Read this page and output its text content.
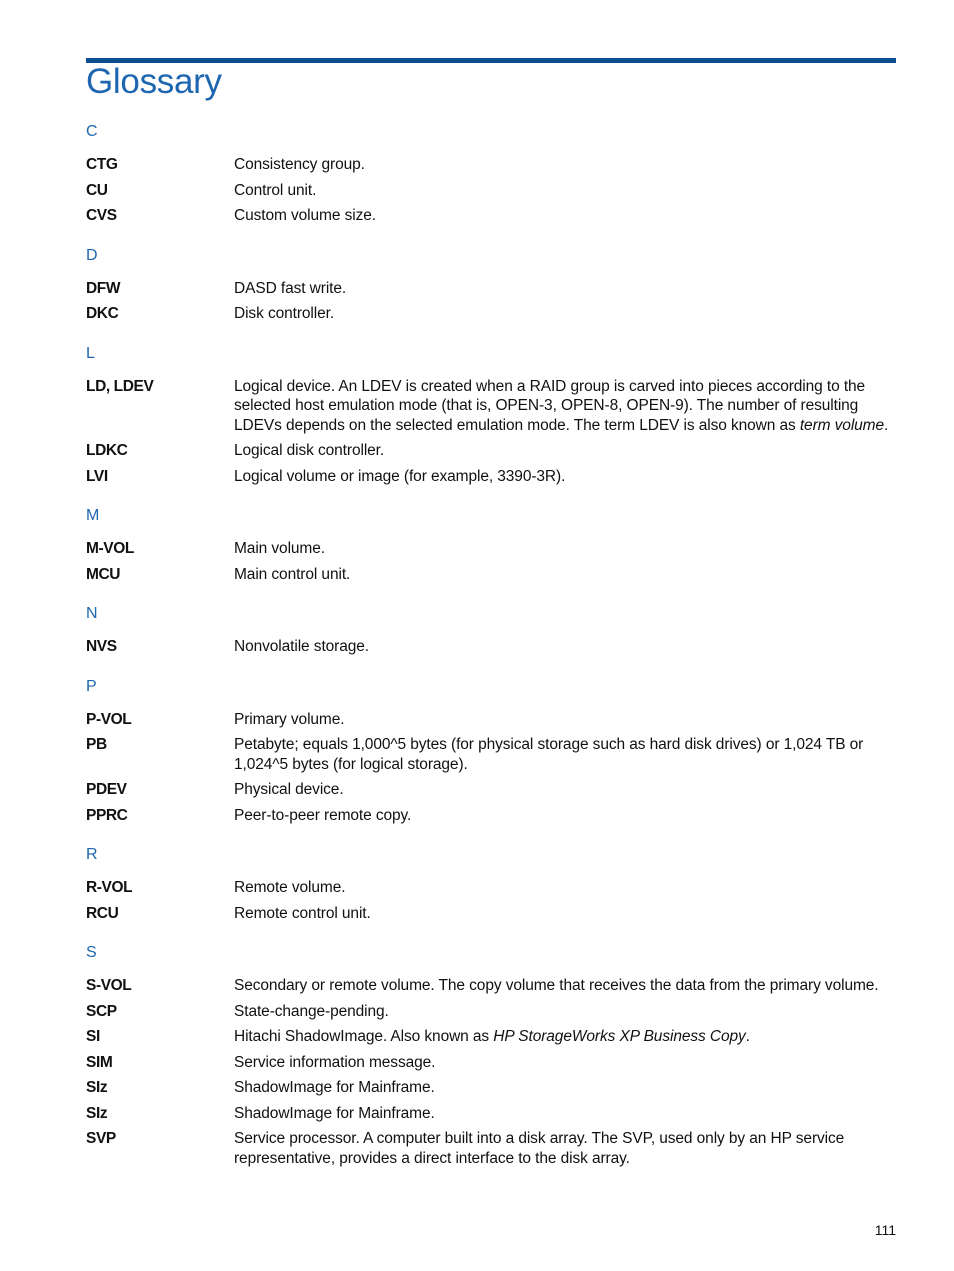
Glossary
C
CTG	Consistency group.
CU	Control unit.
CVS	Custom volume size.
D
DFW	DASD fast write.
DKC	Disk controller.
L
LD, LDEV	Logical device. An LDEV is created when a RAID group is carved into pieces according to the selected host emulation mode (that is, OPEN-3, OPEN-8, OPEN-9). The number of resulting LDEVs depends on the selected emulation mode. The term LDEV is also known as term volume.
LDKC	Logical disk controller.
LVI	Logical volume or image (for example, 3390-3R).
M
M-VOL	Main volume.
MCU	Main control unit.
N
NVS	Nonvolatile storage.
P
P-VOL	Primary volume.
PB	Petabyte; equals 1,000^5 bytes (for physical storage such as hard disk drives) or 1,024 TB or 1,024^5 bytes (for logical storage).
PDEV	Physical device.
PPRC	Peer-to-peer remote copy.
R
R-VOL	Remote volume.
RCU	Remote control unit.
S
S-VOL	Secondary or remote volume. The copy volume that receives the data from the primary volume.
SCP	State-change-pending.
SI	Hitachi ShadowImage. Also known as HP StorageWorks XP Business Copy.
SIM	Service information message.
SIz	ShadowImage for Mainframe.
SIz	ShadowImage for Mainframe.
SVP	Service processor. A computer built into a disk array. The SVP, used only by an HP service representative, provides a direct interface to the disk array.
111
